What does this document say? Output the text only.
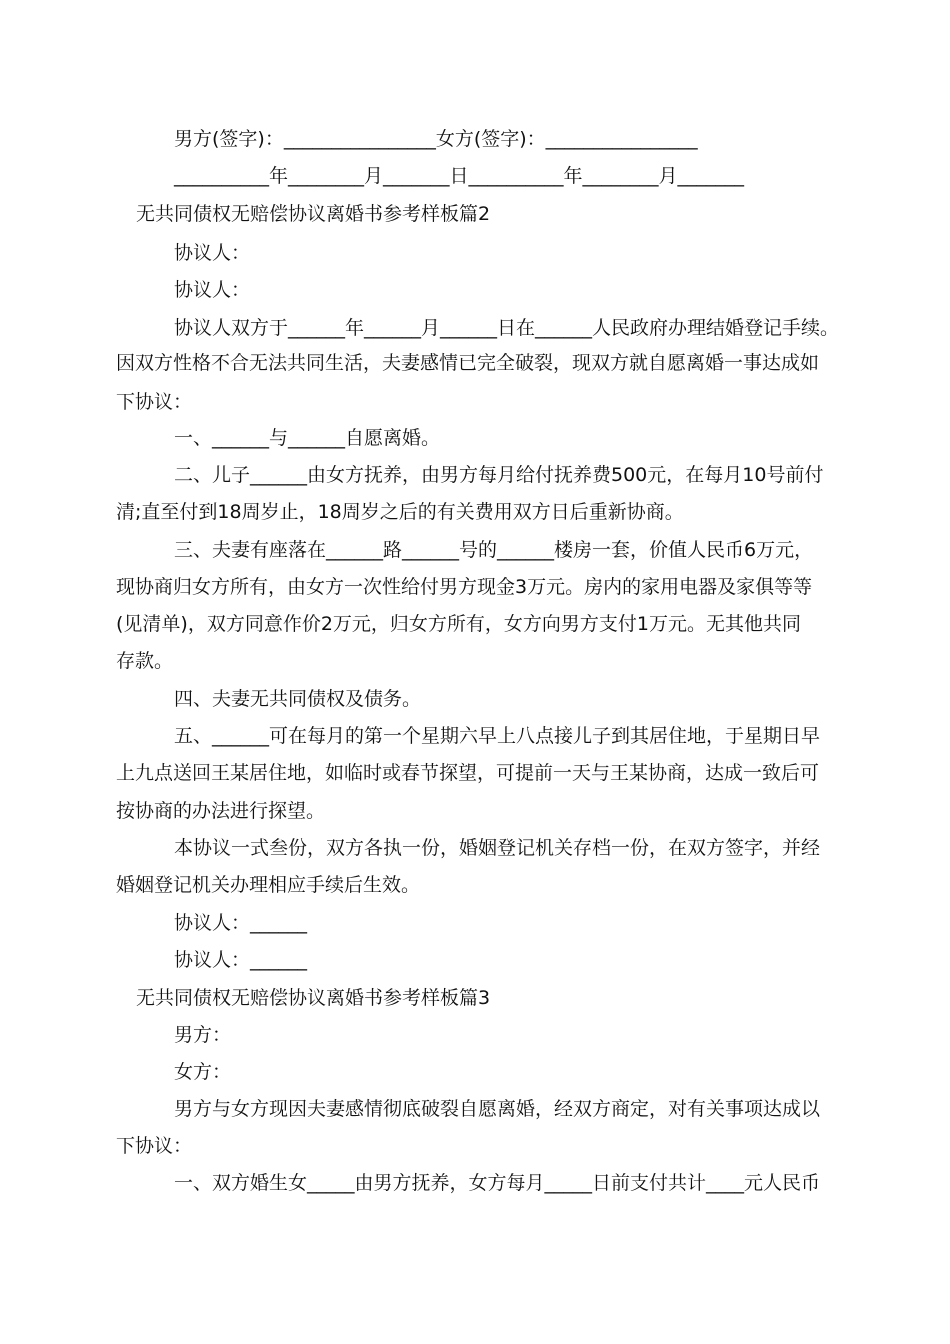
男方(签字)：________________女方(签字)：________________

__________年________月_______日__________年________月_______

无共同债权无赔偿协议离婚书参考样板篇2

协议人：

协议人：

协议人双方于______年______月______日在______人民政府办理结婚登记手续。

因双方性格不合无法共同生活，夫妻感情已完全破裂，现双方就自愿离婚一事达成如

下协议：

一、______与______自愿离婚。

二、儿子______由女方抚养，由男方每月给付抚养费500元，在每月10号前付

清;直至付到18周岁止，18周岁之后的有关费用双方日后重新协商。

三、夫妻有座落在______路______号的______楼房一套，价值人民币6万元，

现协商归女方所有，由女方一次性给付男方现金3万元。房内的家用电器及家俱等等

(见清单)，双方同意作价2万元，归女方所有，女方向男方支付1万元。无其他共同

存款。

四、夫妻无共同债权及债务。

五、______可在每月的第一个星期六早上八点接儿子到其居住地，于星期日早

上九点送回王某居住地，如临时或春节探望，可提前一天与王某协商，达成一致后可

按协商的办法进行探望。

本协议一式叁份，双方各执一份，婚姻登记机关存档一份，在双方签字，并经

婚姻登记机关办理相应手续后生效。

协议人：______

协议人：______

无共同债权无赔偿协议离婚书参考样板篇3

男方：

女方：

男方与女方现因夫妻感情彻底破裂自愿离婚，经双方商定，对有关事项达成以

下协议：

一、双方婚生女_____由男方抚养，女方每月_____日前支付共计____元人民币
